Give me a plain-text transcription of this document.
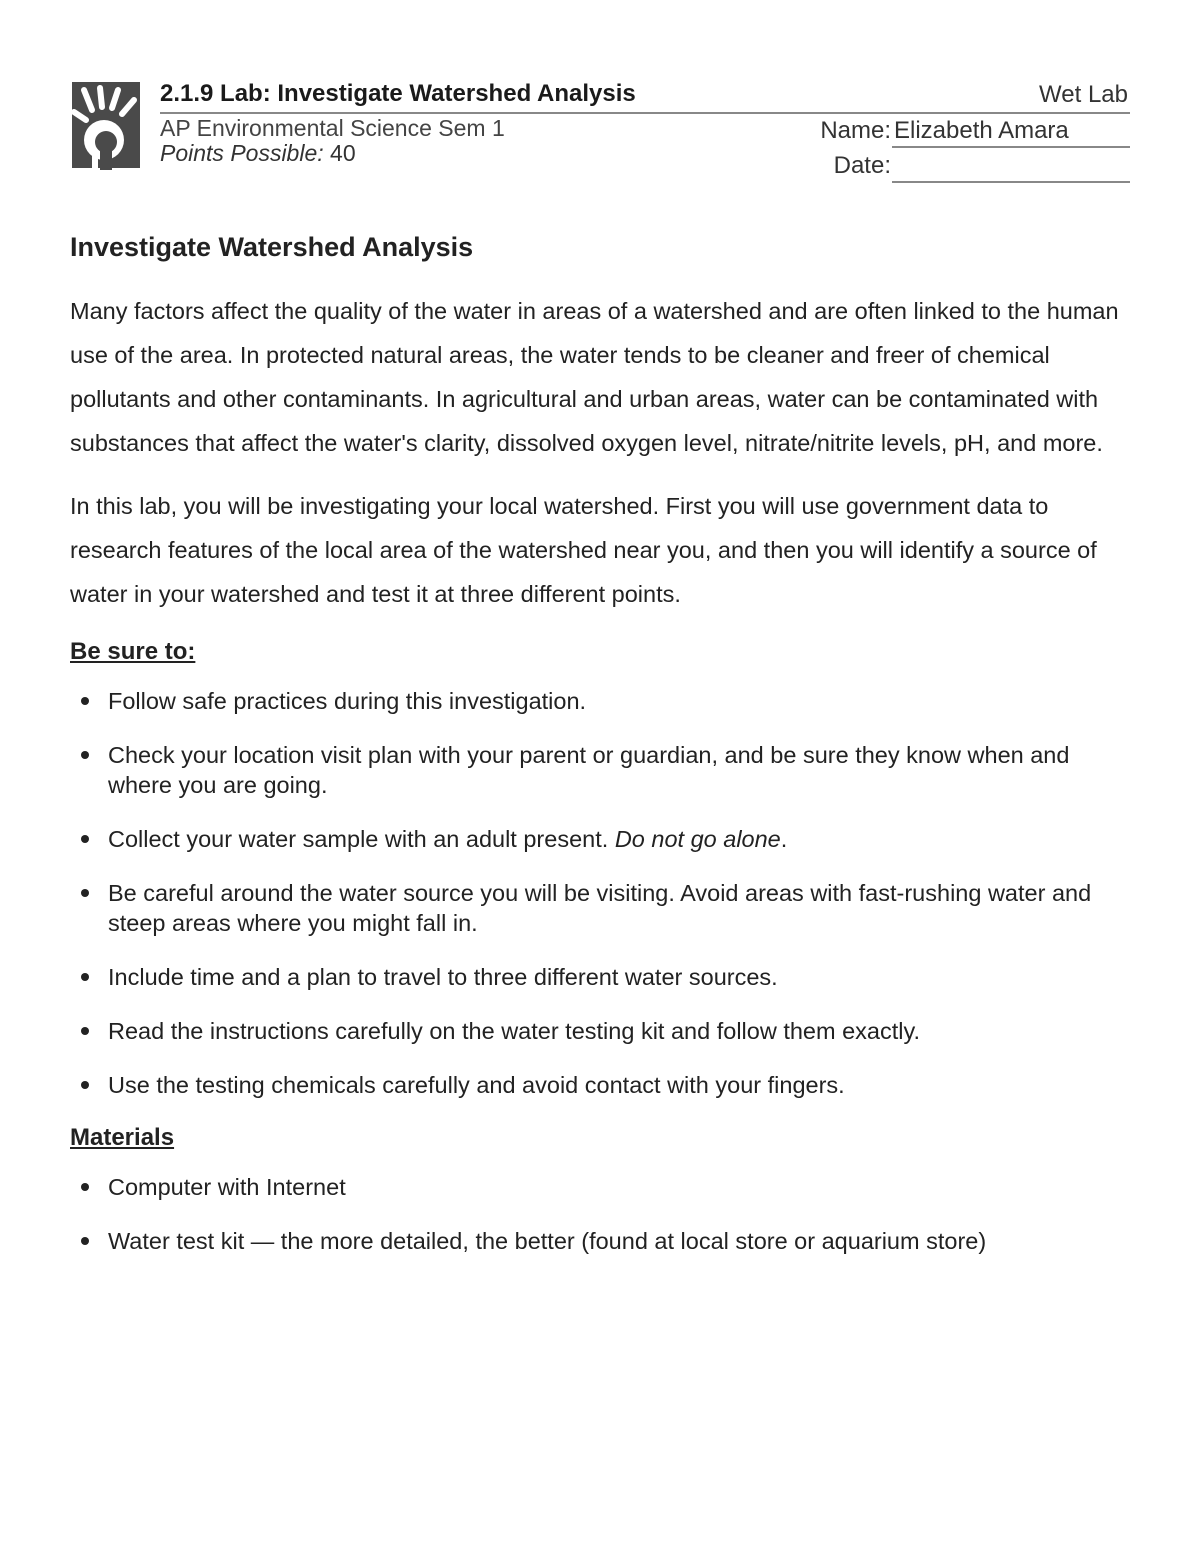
2.1.9 Lab: Investigate Watershed Analysis	Wet Lab
AP Environmental Science Sem 1
Points Possible: 40
Name: Elizabeth Amara
Date:
Investigate Watershed Analysis

Many factors affect the quality of the water in areas of a watershed and are often linked to the human use of the area. In protected natural areas, the water tends to be cleaner and freer of chemical pollutants and other contaminants. In agricultural and urban areas, water can be contaminated with substances that affect the water's clarity, dissolved oxygen level, nitrate/nitrite levels, pH, and more.

In this lab, you will be investigating your local watershed. First you will use government data to research features of the local area of the watershed near you, and then you will identify a source of water in your watershed and test it at three different points.

Be sure to:
Follow safe practices during this investigation.
Check your location visit plan with your parent or guardian, and be sure they know when and where you are going.
Collect your water sample with an adult present. Do not go alone.
Be careful around the water source you will be visiting. Avoid areas with fast-rushing water and steep areas where you might fall in.
Include time and a plan to travel to three different water sources.
Read the instructions carefully on the water testing kit and follow them exactly.
Use the testing chemicals carefully and avoid contact with your fingers.
Materials
Computer with Internet
Water test kit — the more detailed, the better (found at local store or aquarium store)
